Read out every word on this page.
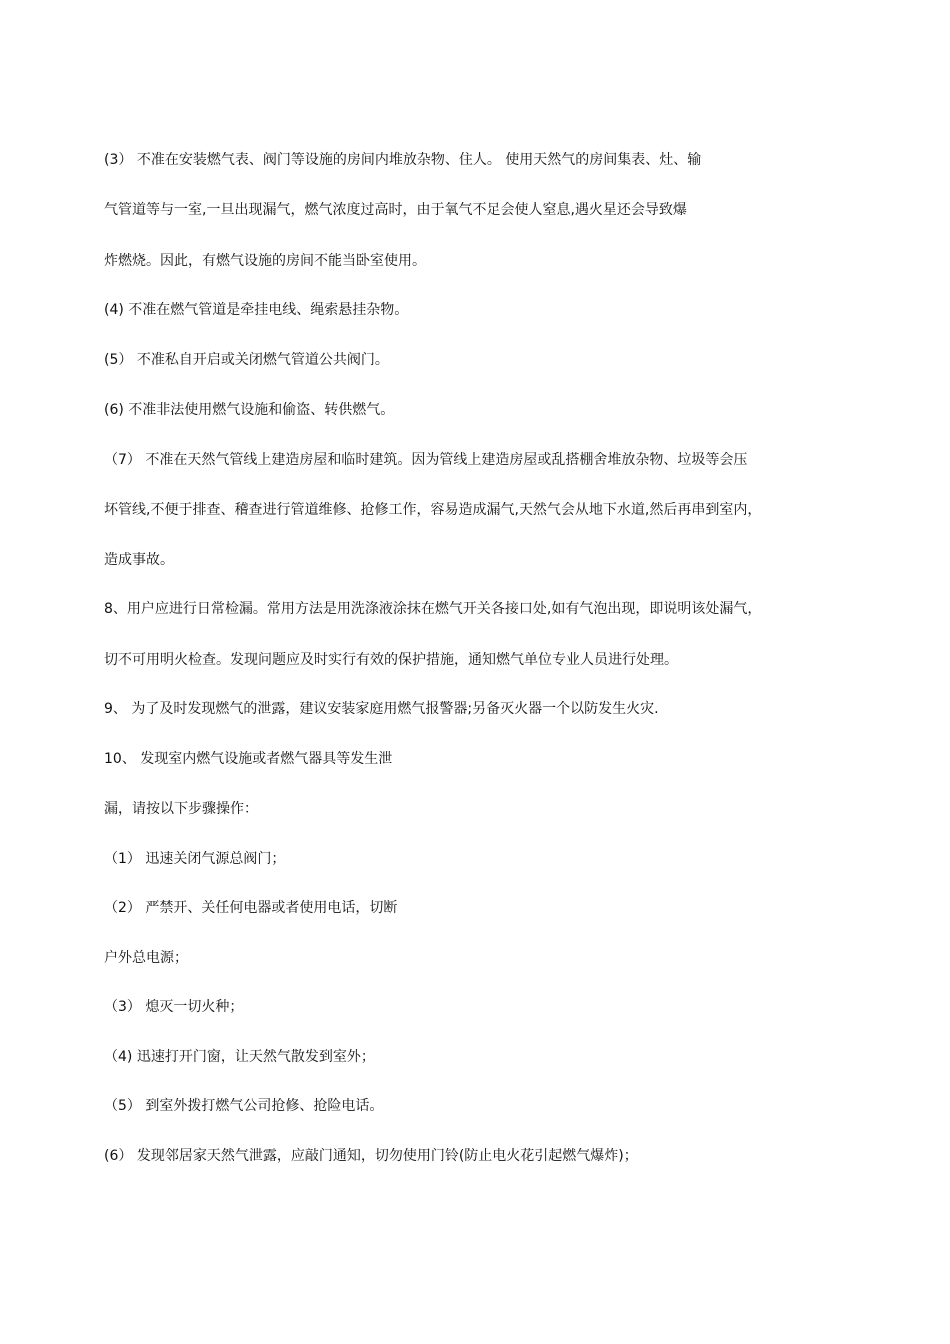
(3） 不准在安装燃气表、阀门等设施的房间内堆放杂物、住人。 使用天然气的房间集表、灶、输
气管道等与一室,一旦出现漏气，燃气浓度过高时，由于氧气不足会使人窒息,遇火星还会导致爆
炸燃烧。因此，有燃气设施的房间不能当卧室使用。
(4) 不准在燃气管道是牵挂电线、绳索悬挂杂物。
(5） 不准私自开启或关闭燃气管道公共阀门。
(6) 不准非法使用燃气设施和偷盗、转供燃气。
（7） 不准在天然气管线上建造房屋和临时建筑。因为管线上建造房屋或乱搭棚舍堆放杂物、垃圾等会压
坏管线,不便于排查、稽查进行管道维修、抢修工作，容易造成漏气,天然气会从地下水道,然后再串到室内，
造成事故。
8、用户应进行日常检漏。常用方法是用洗涤液涂抹在燃气开关各接口处,如有气泡出现，即说明该处漏气，
切不可用明火检查。发现问题应及时实行有效的保护措施，通知燃气单位专业人员进行处理。
9、 为了及时发现燃气的泄露，建议安装家庭用燃气报警器;另备灭火器一个以防发生火灾.
10、 发现室内燃气设施或者燃气器具等发生泄
漏，请按以下步骤操作：
（1） 迅速关闭气源总阀门；
（2） 严禁开、关任何电器或者使用电话，切断
户外总电源；
（3） 熄灭一切火种；
（4) 迅速打开门窗，让天然气散发到室外；
（5） 到室外拨打燃气公司抢修、抢险电话。
(6） 发现邻居家天然气泄露，应敲门通知，切勿使用门铃(防止电火花引起燃气爆炸)；
